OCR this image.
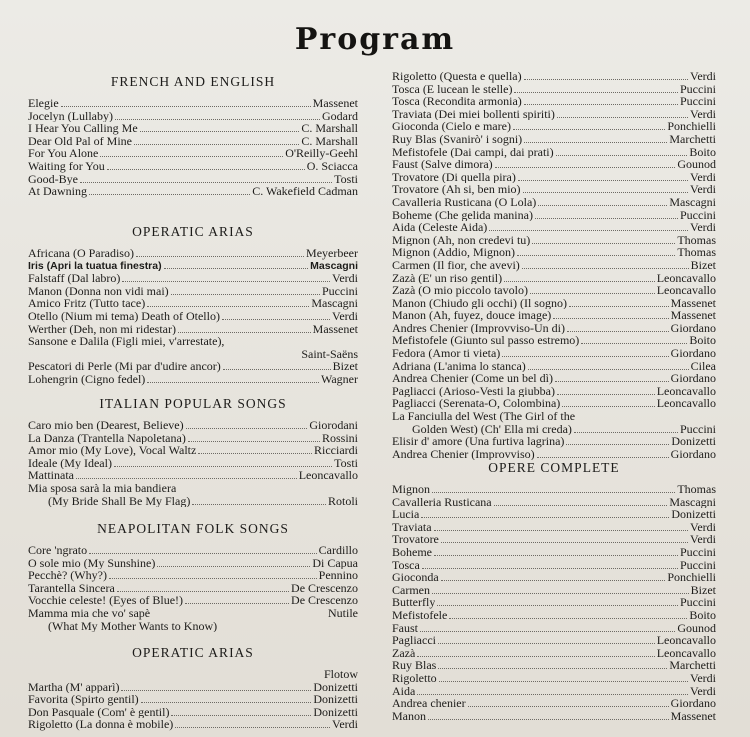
Program
FRENCH AND ENGLISH
Elegie	Massenet
Jocelyn (Lullaby)	Godard
I Hear You Calling Me	C. Marshall
Dear Old Pal of Mine	C. Marshall
For You Alone	O'Reilly-Geehl
Waiting for You	O. Sciacca
Good-Bye	Tosti
At Dawning	C. Wakefield Cadman
OPERATIC ARIAS
Africana (O Paradiso)	Meyerbeer
Iris (Apri la tuatua finestra)	Mascagni
Falstaff (Dal labro)	Verdi
Manon (Donna non vidi mai)	Puccini
Amico Fritz (Tutto tace)	Mascagni
Otello (Nium mi tema) Death of Otello)	Verdi
Werther (Deh, non mi ridestar)	Massenet
Sansone e Dalila (Figli miei, v'arrestate),
Saint-Saëns
Pescatori di Perle (Mi par d'udire ancor)	Bizet
Lohengrin (Cigno fedel)	Wagner
ITALIAN POPULAR SONGS
Caro mio ben (Dearest, Believe)	Giorodani
La Danza (Trantella Napoletana)	Rossini
Amor mio (My Love), Vocal Waltz	Ricciardi
Ideale (My Ideal)	Tosti
Mattinata	Leoncavallo
Mia sposa sarà la mia bandiera
(My Bride Shall Be My Flag)	Rotoli
NEAPOLITAN FOLK SONGS
Core 'ngrato	Cardillo
O sole mio (My Sunshine)	Di Capua
Pecchè? (Why?)	Pennino
Tarantella Sincera	De Crescenzo
Vocchie celeste! (Eyes of Blue!)	De Crescenzo
Mamma mia che vo' sapè	Nutile
(What My Mother Wants to Know)
OPERATIC ARIAS
Flotow
Martha (M' apparì)	Donizetti
Favorita (Spirto gentil)	Donizetti
Don Pasquale (Com' è gentil)	Donizetti
Rigoletto (La donna è mobile)	Verdi
Rigoletto (Questa e quella)	Verdi
Tosca (E lucean le stelle)	Puccini
Tosca (Recondita armonia)	Puccini
Traviata (Dei miei bollenti spiriti)	Verdi
Gioconda (Cielo e mare)	Ponchielli
Ruy Blas (Svanirò' i sogni)	Marchetti
Mefistofele (Dai campi, dai prati)	Boito
Faust (Salve dimora)	Gounod
Trovatore (Di quella pira)	Verdi
Trovatore (Ah si, ben mio)	Verdi
Cavalleria Rusticana (O Lola)	Mascagni
Boheme (Che gelida manina)	Puccini
Aida (Celeste Aida)	Verdi
Mignon (Ah, non credevi tu)	Thomas
Mignon (Addio, Mignon)	Thomas
Carmen (Il fior, che avevi)	Bizet
Zazà (E' un riso gentil)	Leoncavallo
Zazà (O mio piccolo tavolo)	Leoncavallo
Manon (Chiudo gli occhi) (Il sogno)	Massenet
Manon (Ah, fuyez, douce image)	Massenet
Andres Chenier (Improvviso-Un di)	Giordano
Mefistofele (Giunto sul passo estremo)	Boito
Fedora (Amor ti vieta)	Giordano
Adriana (L'anima lo stanca)	Cilea
Andrea Chenier (Come un bel dì)	Giordano
Pagliacci (Arioso-Vesti la giubba)	Leoncavallo
Pagliacci (Serenata-O, Colombina)	Leoncavallo
La Fanciulla del West (The Girl of the
Golden West) (Ch' Ella mi creda)	Puccini
Elisir d' amore (Una furtiva lagrina)	Donizetti
Andrea Chenier (Improvviso)	Giordano
OPERE COMPLETE
Mignon	Thomas
Cavalleria Rusticana	Mascagni
Lucia	Donizetti
Traviata	Verdi
Trovatore	Verdi
Boheme	Puccini
Tosca	Puccini
Gioconda	Ponchielli
Carmen	Bizet
Butterfly	Puccini
Mefistofele	Boito
Faust	Gounod
Pagliacci	Leoncavallo
Zazà	Leoncavallo
Ruy Blas	Marchetti
Rigoletto	Verdi
Aida	Verdi
Andrea chenier	Giordano
Manon	Massenet
